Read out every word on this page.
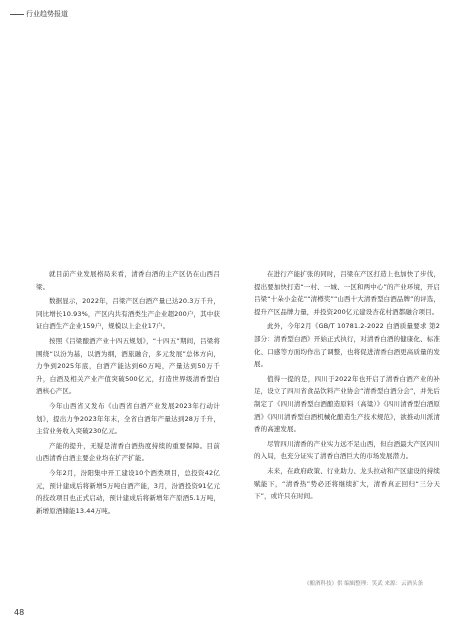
行业趋势报道

就目前产业发展格局来看，清香白酒的主产区仍在山西吕梁。

数据显示，2022年，吕梁产区白酒产量已达20.3万千升，同比增长10.93%，产区内共有酒类生产企业超200户，其中获证白酒生产企业159户，规模以上企业17户。

按照《吕梁酿酒产业十四五规划》，“十四五”期间，吕梁将围绕“以汾为基，以酒为纲，酒旅融合，多元发展”总体方向，力争到2025年底，白酒产能达到60万吨，产量达到50万千升，白酒及相关产业产值突破500亿元，打造世界级清香型白酒核心产区。

今年山西省又发布《山西省白酒产业发展2023年行动计划》，提出力争2023年年末，全省白酒年产量达到28万千升，主营业务收入突破230亿元。

产能的提升，无疑是清香白酒热度持续的重要保障。目前山西清香白酒主要企业均在扩产扩能。

今年2月，汾阳集中开工建设10个酒类项目，总投资42亿元，预计建成后将新增5万吨白酒产能，3月，汾酒投资91亿元的技改项目也正式启动，预计建成后将新增年产原酒5.1万吨，新增原酒储能13.44万吨。

在进行产能扩张的同时，吕梁在产区打造上也加快了步伐，提出要加快打造“一村、一城、一区和两中心”的产业环境，开启吕梁“十朵小金花”“清樽奖”“山西十大清香型白酒品牌”的评选，提升产区品牌力量，并投资200亿元建设杏花村酒都融合项目。

此外，今年2月《GB/T 10781.2-2022 白酒质量要求 第2部分：清香型白酒》开始正式执行，对清香白酒的健康化、标准化、口感等方面均作出了调整，也将促进清香白酒更高质量的发展。

值得一提的是，四川于2022年也开启了清香白酒产业的补足，设立了四川省食品饮料产业协会“清香型白酒分会”，并先后制定了《四川清香型白酒酿造原料（高粱）》《四川清香型白酒原酒》《四川清香型白酒机械化酿造生产技术规范》，欲推动川派清香的高速发展。

尽管四川清香的产业实力远不足山西，但白酒最大产区四川的入局，也充分证实了清香白酒巨大的市场发展潜力。

未来，在政府政策、行业助力、龙头拉动和产区建设的持续赋能下，“清香热”势必还将继续扩大，清香真正回归“三分天下”，或许只在时间。

《酿酒科技》供 编辑整理：笑武 来源：云酒头条
48
